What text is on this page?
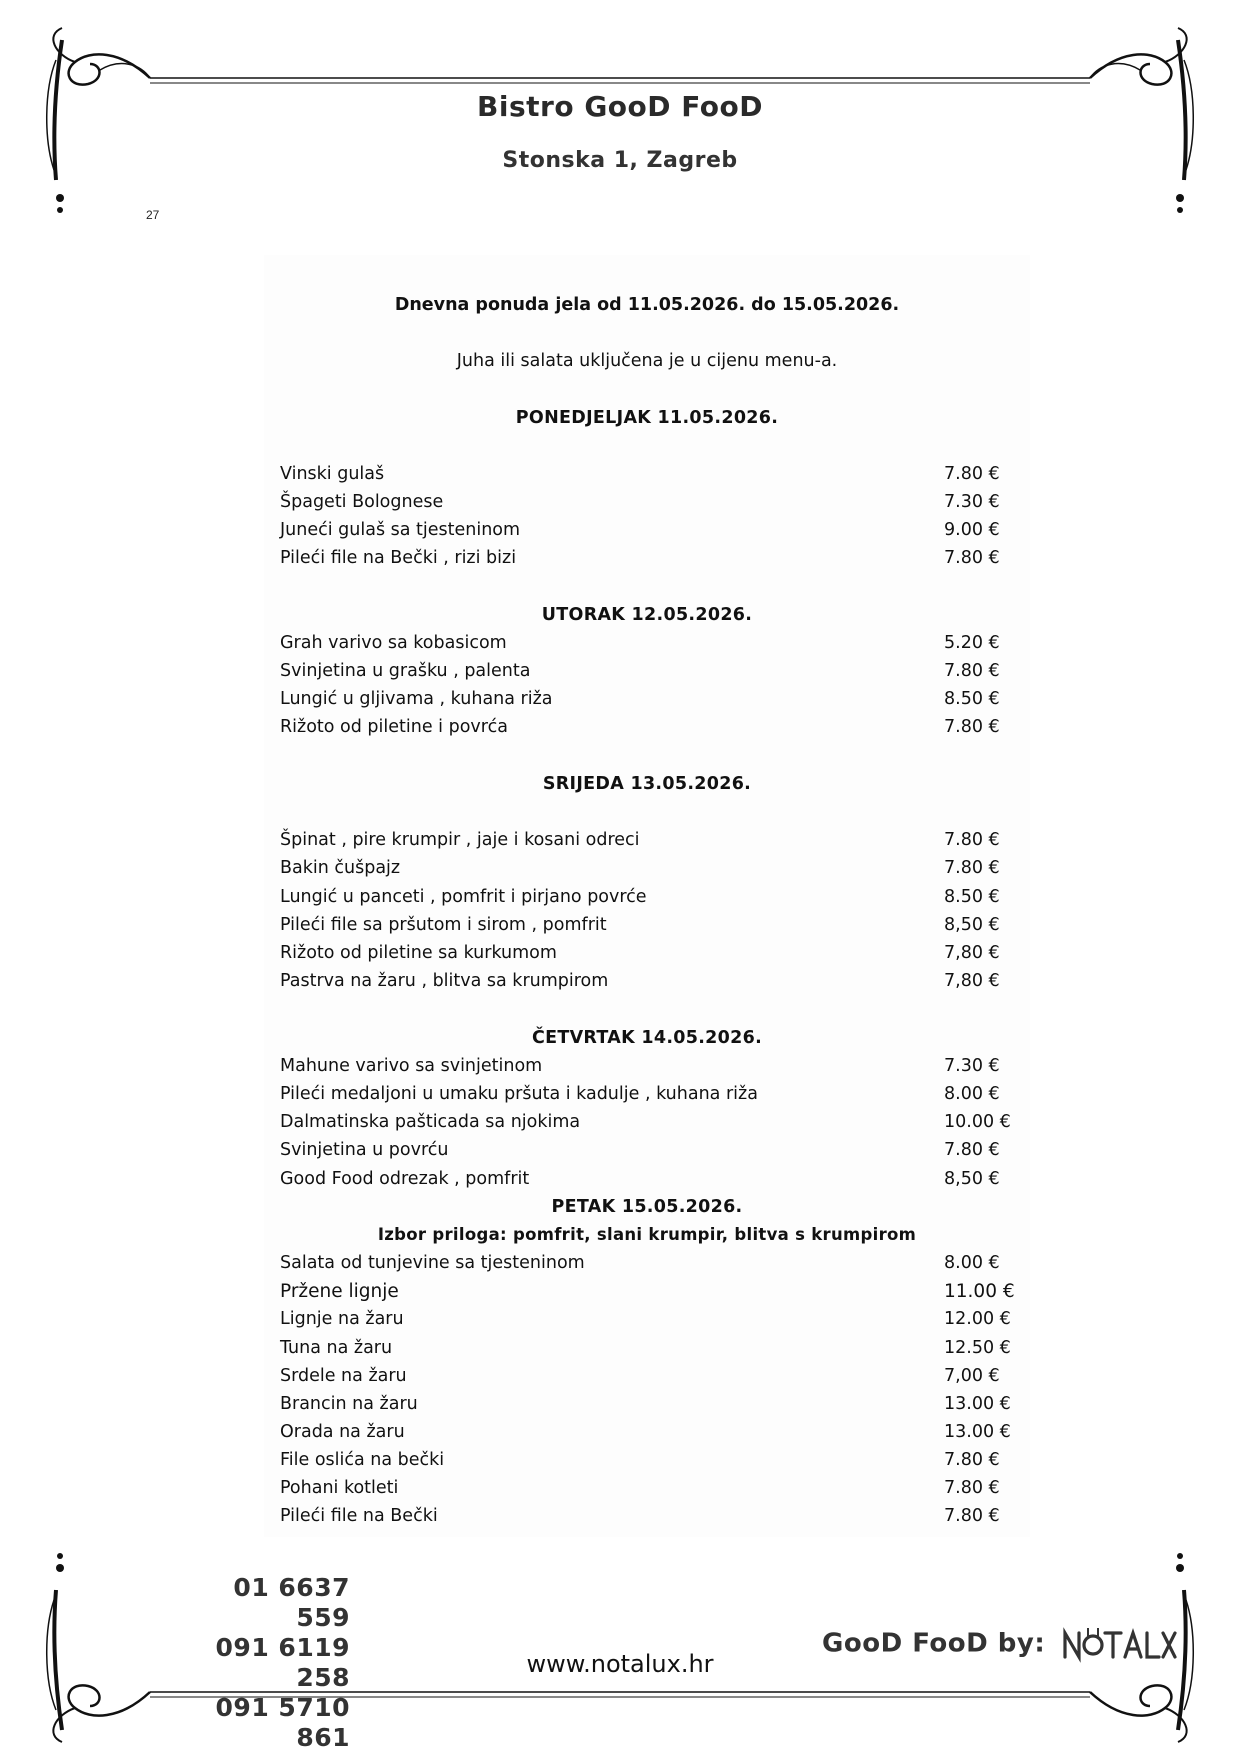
Bistro GooD FooD
Stonska 1, Zagreb
27
Dnevna ponuda jela od 11.05.2026. do 15.05.2026.
Juha ili salata uključena je u cijenu menu-a.
PONEDJELJAK 11.05.2026.
Vinski gulaš	7.80 €
Špageti Bolognese	7.30 €
Juneći gulaš sa tjesteninom	9.00 €
Pileći file na Bečki , rizi bizi	7.80 €
UTORAK 12.05.2026.
Grah varivo sa kobasicom	5.20 €
Svinjetina u grašku , palenta	7.80 €
Lungić u gljivama , kuhana riža	8.50 €
Rižoto od piletine i povrća	7.80 €
SRIJEDA 13.05.2026.
Špinat , pire krumpir , jaje i kosani odreci	7.80 €
Bakin čušpajz	7.80 €
Lungić u panceti , pomfrit i pirjano povrće	8.50 €
Pileći file sa pršutom i sirom , pomfrit	8,50 €
Rižoto od piletine sa kurkumom	7,80 €
Pastrva na žaru , blitva sa krumpirom	7,80 €
ČETVRTAK 14.05.2026.
Mahune varivo sa svinjetinom	7.30 €
Pileći medaljoni u umaku pršuta i kadulje , kuhana riža	8.00 €
Dalmatinska pašticada sa njokima	10.00 €
Svinjetina u povrću	7.80 €
Good Food odrezak , pomfrit	8,50 €
PETAK 15.05.2026.
Izbor priloga: pomfrit, slani krumpir, blitva s krumpirom
Salata od tunjevine sa tjesteninom	8.00 €
Pržene lignje	11.00 €
Lignje na žaru	12.00 €
Tuna na žaru	12.50 €
Srdele na žaru	7,00 €
Brancin na žaru	13.00 €
Orada na žaru	13.00 €
File oslića na bečki	7.80 €
Pohani kotleti	7.80 €
Pileći file na Bečki	7.80 €
01 6637 559
091 6119 258
091 5710 861
www.notalux.hr
GooD FooD by:
